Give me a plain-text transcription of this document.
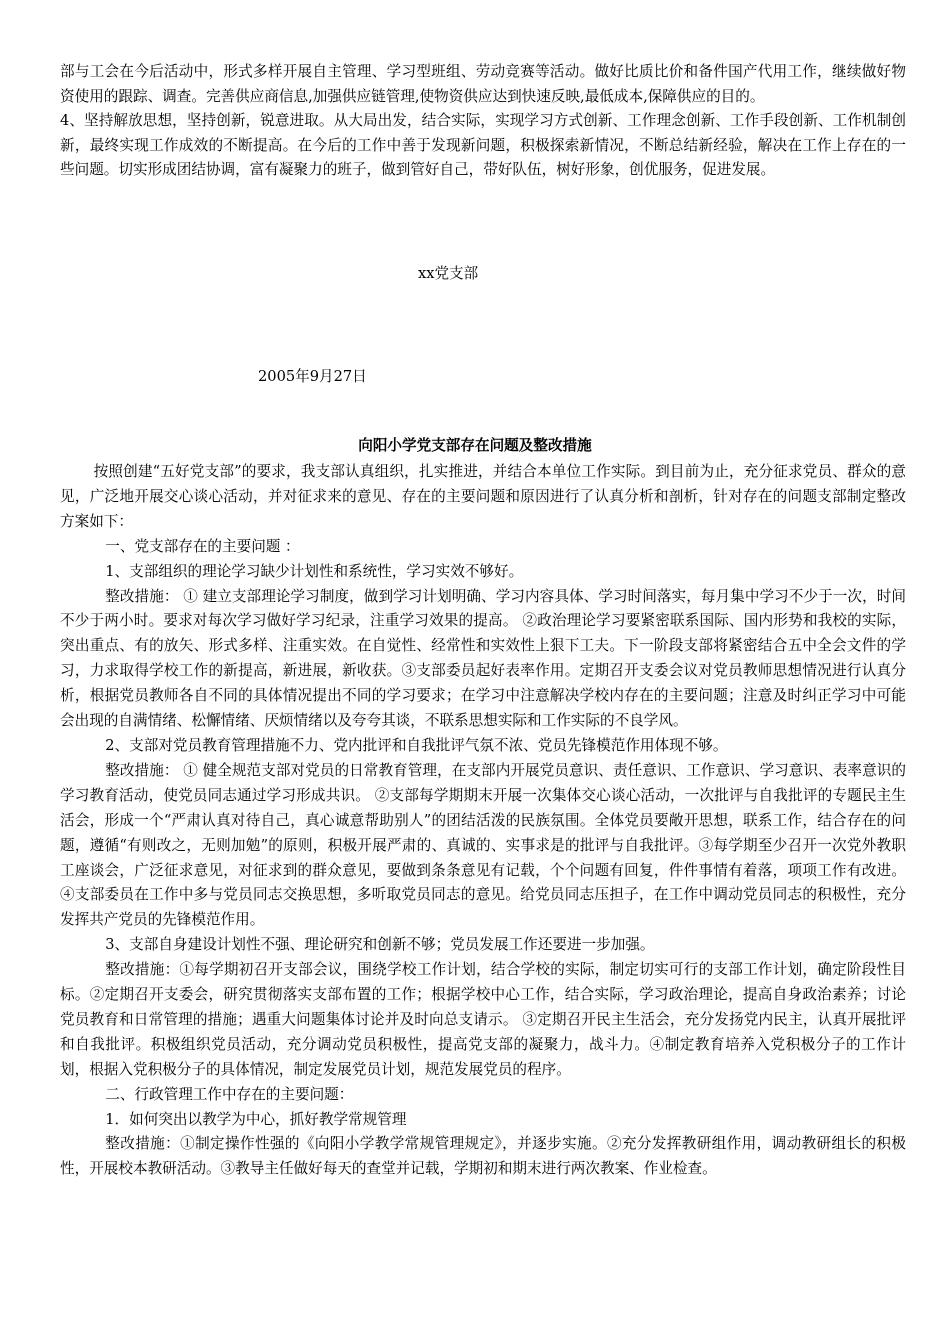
部与工会在今后活动中，形式多样开展自主管理、学习型班组、劳动竞赛等活动。做好比质比价和备件国产代用工作，继续做好物资使用的跟踪、调查。完善供应商信息,加强供应链管理,使物资供应达到快速反映,最低成本,保障供应的目的。

4、坚持解放思想，坚持创新，锐意进取。从大局出发，结合实际，实现学习方式创新、工作理念创新、工作手段创新、工作机制创新，最终实现工作成效的不断提高。在今后的工作中善于发现新问题，积极探索新情况，不断总结新经验，解决在工作上存在的一些问题。切实形成团结协调，富有凝聚力的班子，做到管好自己，带好队伍，树好形象，创优服务，促进发展。

xx党支部
2005年9月27日
向阳小学党支部存在问题及整改措施

按照创建“五好党支部”的要求，我支部认真组织，扎实推进，并结合本单位工作实际。到目前为止，充分征求党员、群众的意见，广泛地开展交心谈心活动，并对征求来的意见、存在的主要问题和原因进行了认真分析和剖析，针对存在的问题支部制定整改方案如下：

一、党支部存在的主要问题 ：

1、支部组织的理论学习缺少计划性和系统性，学习实效不够好。

整改措施： ① 建立支部理论学习制度，做到学习计划明确、学习内容具体、学习时间落实，每月集中学习不少于一次，时间不少于两小时。要求对每次学习做好学习纪录，注重学习效果的提高。 ②政治理论学习要紧密联系国际、国内形势和我校的实际，突出重点、有的放矢、形式多样、注重实效。在自觉性、经常性和实效性上狠下工夫。下一阶段支部将紧密结合五中全会文件的学习，力求取得学校工作的新提高，新进展，新收获。③支部委员起好表率作用。定期召开支委会议对党员教师思想情况进行认真分析，根据党员教师各自不同的具体情况提出不同的学习要求；在学习中注意解决学校内存在的主要问题；注意及时纠正学习中可能会出现的自满情绪、松懈情绪、厌烦情绪以及夸夸其谈，不联系思想实际和工作实际的不良学风。

2、支部对党员教育管理措施不力、党内批评和自我批评气氛不浓、党员先锋模范作用体现不够。

整改措施： ① 健全规范支部对党员的日常教育管理，在支部内开展党员意识、责任意识、工作意识、学习意识、表率意识的学习教育活动，使党员同志通过学习形成共识。 ②支部每学期期末开展一次集体交心谈心活动，一次批评与自我批评的专题民主生活会，形成一个“严肃认真对待自己，真心诚意帮助别人”的团结活泼的民族氛围。全体党员要敞开思想，联系工作，结合存在的问题，遵循“有则改之，无则加勉”的原则，积极开展严肃的、真诚的、实事求是的批评与自我批评。③每学期至少召开一次党外教职工座谈会，广泛征求意见，对征求到的群众意见，要做到条条意见有记载，个个问题有回复，件件事情有着落，项项工作有改进。④支部委员在工作中多与党员同志交换思想，多听取党员同志的意见。给党员同志压担子，在工作中调动党员同志的积极性，充分发挥共产党员的先锋模范作用。

3、支部自身建设计划性不强、理论研究和创新不够；党员发展工作还要进一步加强。

整改措施：①每学期初召开支部会议，围绕学校工作计划，结合学校的实际，制定切实可行的支部工作计划，确定阶段性目标。②定期召开支委会，研究贯彻落实支部布置的工作；根据学校中心工作，结合实际，学习政治理论，提高自身政治素养；讨论党员教育和日常管理的措施；遇重大问题集体讨论并及时向总支请示。 ③定期召开民主生活会，充分发扬党内民主，认真开展批评和自我批评。积极组织党员活动，充分调动党员积极性，提高党支部的凝聚力，战斗力。④制定教育培养入党积极分子的工作计划，根据入党积极分子的具体情况，制定发展党员计划，规范发展党员的程序。

二、行政管理工作中存在的主要问题：

1．如何突出以教学为中心，抓好教学常规管理

整改措施：①制定操作性强的《向阳小学教学常规管理规定》，并逐步实施。②充分发挥教研组作用，调动教研组长的积极性，开展校本教研活动。③教导主任做好每天的查堂并记载，学期初和期末进行两次教案、作业检查。
